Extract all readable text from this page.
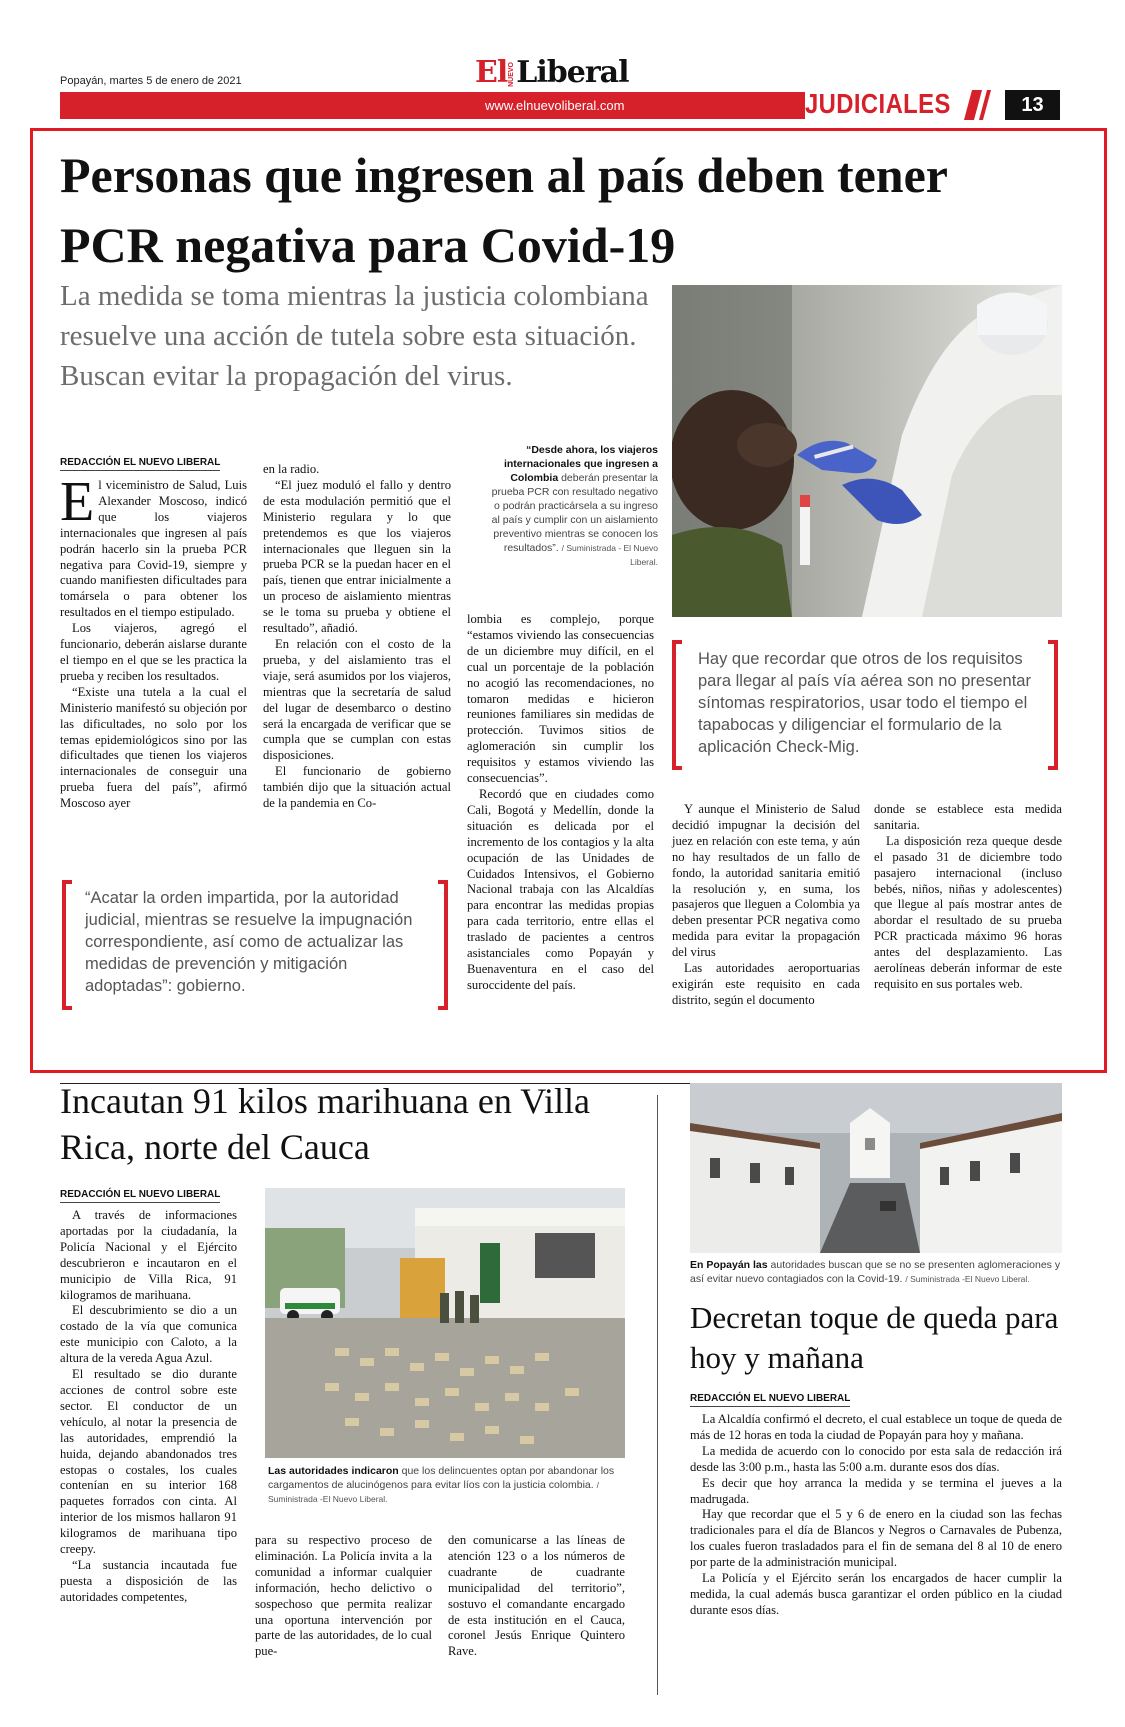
Popayán, martes 5 de enero de 2021	ElNUEVOLiberal
www.elnuevoliberal.com	JUDICIALES	13
Personas que ingresen al país deben tener PCR negativa para Covid-19
La medida se toma mientras la justicia colombiana resuelve una acción de tutela sobre esta situación. Buscan evitar la propagación del virus.
“Desde ahora, los viajeros internacionales que ingresen a Colombia deberán presentar la prueba PCR con resultado negativo o podrán practicársela a su ingreso al país y cumplir con un aislamiento preventivo mientras se conocen los resultados”. / Suministrada - El Nuevo Liberal.
REDACCIÓN EL NUEVO LIBERAL

El viceministro de Salud, Luis Alexander Moscoso, indicó que los viajeros internacionales que ingresen al país podrán hacerlo sin la prueba PCR negativa para Covid-19, siempre y cuando manifiesten dificultades para tomársela o para obtener los resultados en el tiempo estipulado.

Los viajeros, agregó el funcionario, deberán aislarse durante el tiempo en el que se les practica la prueba y reciben los resultados.

“Existe una tutela a la cual el Ministerio manifestó su objeción por las dificultades, no solo por los temas epidemiológicos sino por las dificultades que tienen los viajeros internacionales de conseguir una prueba fuera del país”, afirmó Moscoso ayer

en la radio.

“El juez moduló el fallo y dentro de esta modulación permitió que el Ministerio regulara y lo que pretendemos es que los viajeros internacionales que lleguen sin la prueba PCR se la puedan hacer en el país, tienen que entrar inicialmente a un proceso de aislamiento mientras se le toma su prueba y obtiene el resultado”, añadió.

En relación con el costo de la prueba, y del aislamiento tras el viaje, será asumidos por los viajeros, mientras que la secretaría de salud del lugar de desembarco o destino será la encargada de verificar que se cumpla que se cumplan con estas disposiciones.

El funcionario de gobierno también dijo que la situación actual de la pandemia en Co-

lombia es complejo, porque “estamos viviendo las consecuencias de un diciembre muy difícil, en el cual un porcentaje de la población no acogió las recomendaciones, no tomaron medidas e hicieron reuniones familiares sin medidas de protección. Tuvimos sitios de aglomeración sin cumplir los requisitos y estamos viviendo las consecuencias”.

Recordó que en ciudades como Cali, Bogotá y Medellín, donde la situación es delicada por el incremento de los contagios y la alta ocupación de las Unidades de Cuidados Intensivos, el Gobierno Nacional trabaja con las Alcaldías para encontrar las medidas propias para cada territorio, entre ellas el traslado de pacientes a centros asistanciales como Popayán y Buenaventura en el caso del suroccidente del país.

Hay que recordar que otros de los requisitos para llegar al país vía aérea son no presentar síntomas respiratorios, usar todo el tiempo el tapabocas y diligenciar el formulario de la aplicación Check-Mig.
“Acatar la orden impartida, por la autoridad judicial, mientras se resuelve la impugnación correspondiente, así como de actualizar las medidas de prevención y mitigación adoptadas”: gobierno.

Y aunque el Ministerio de Salud decidió impugnar la decisión del juez en relación con este tema, y aún no hay resultados de un fallo de fondo, la autoridad sanitaria emitió la resolución y, en suma, los pasajeros que lleguen a Colombia ya deben presentar PCR negativa como medida para evitar la propagación del virus

Las autoridades aeroportuarias exigirán este requisito en cada distrito, según el documento

donde se establece esta medida sanitaria.

La disposición reza queque desde el pasado 31 de diciembre todo pasajero internacional (incluso bebés, niños, niñas y adolescentes) que llegue al país mostrar antes de abordar el resultado de su prueba PCR practicada máximo 96 horas antes del desplazamiento. Las aerolíneas deberán informar de este requisito en sus portales web.

Incautan 91 kilos marihuana en Villa Rica, norte del Cauca
REDACCIÓN EL NUEVO LIBERAL

A través de informaciones aportadas por la ciudadanía, la Policía Nacional y el Ejército descubrieron e incautaron en el municipio de Villa Rica, 91 kilogramos de marihuana.

El descubrimiento se dio a un costado de la vía que comunica este municipio con Caloto, a la altura de la vereda Agua Azul.

El resultado se dio durante acciones de control sobre este sector. El conductor de un vehículo, al notar la presencia de las autoridades, emprendió la huida, dejando abandonados tres estopas o costales, los cuales contenían en su interior 168 paquetes forrados con cinta. Al interior de los mismos hallaron 91 kilogramos de marihuana tipo creepy.

“La sustancia incautada fue puesta a disposición de las autoridades competentes,

Las autoridades indicaron que los delincuentes optan por abandonar los cargamentos de alucinógenos para evitar líos con la justicia colombia. / Suministrada -El Nuevo Liberal.

para su respectivo proceso de eliminación. La Policía invita a la comunidad a informar cualquier información, hecho delictivo o sospechoso que permita realizar una oportuna intervención por parte de las autoridades, de lo cual pue-

den comunicarse a las líneas de atención 123 o a los números de cuadrante de cuadrante municipalidad del territorio”, sostuvo el comandante encargado de esta institución en el Cauca, coronel Jesús Enrique Quintero Rave.

En Popayán las autoridades buscan que se no se presenten aglomeraciones y así evitar nuevo contagiados con la Covid-19. / Suministrada -El Nuevo Liberal.
Decretan toque de queda para hoy y mañana
REDACCIÓN EL NUEVO LIBERAL

La Alcaldía confirmó el decreto, el cual establece un toque de queda de más de 12 horas en toda la ciudad de Popayán para hoy y mañana.

La medida de acuerdo con lo conocido por esta sala de redacción irá desde las 3:00 p.m., hasta las 5:00 a.m. durante esos dos días.

Es decir que hoy arranca la medida y se termina el jueves a la madrugada.

Hay que recordar que el 5 y 6 de enero en la ciudad son las fechas tradicionales para el día de Blancos y Negros o Carnavales de Pubenza, los cuales fueron trasladados para el fin de semana del 8 al 10 de enero por parte de la administración municipal.

La Policía y el Ejército serán los encargados de hacer cumplir la medida, la cual además busca garantizar el orden público en la ciudad durante esos días.
